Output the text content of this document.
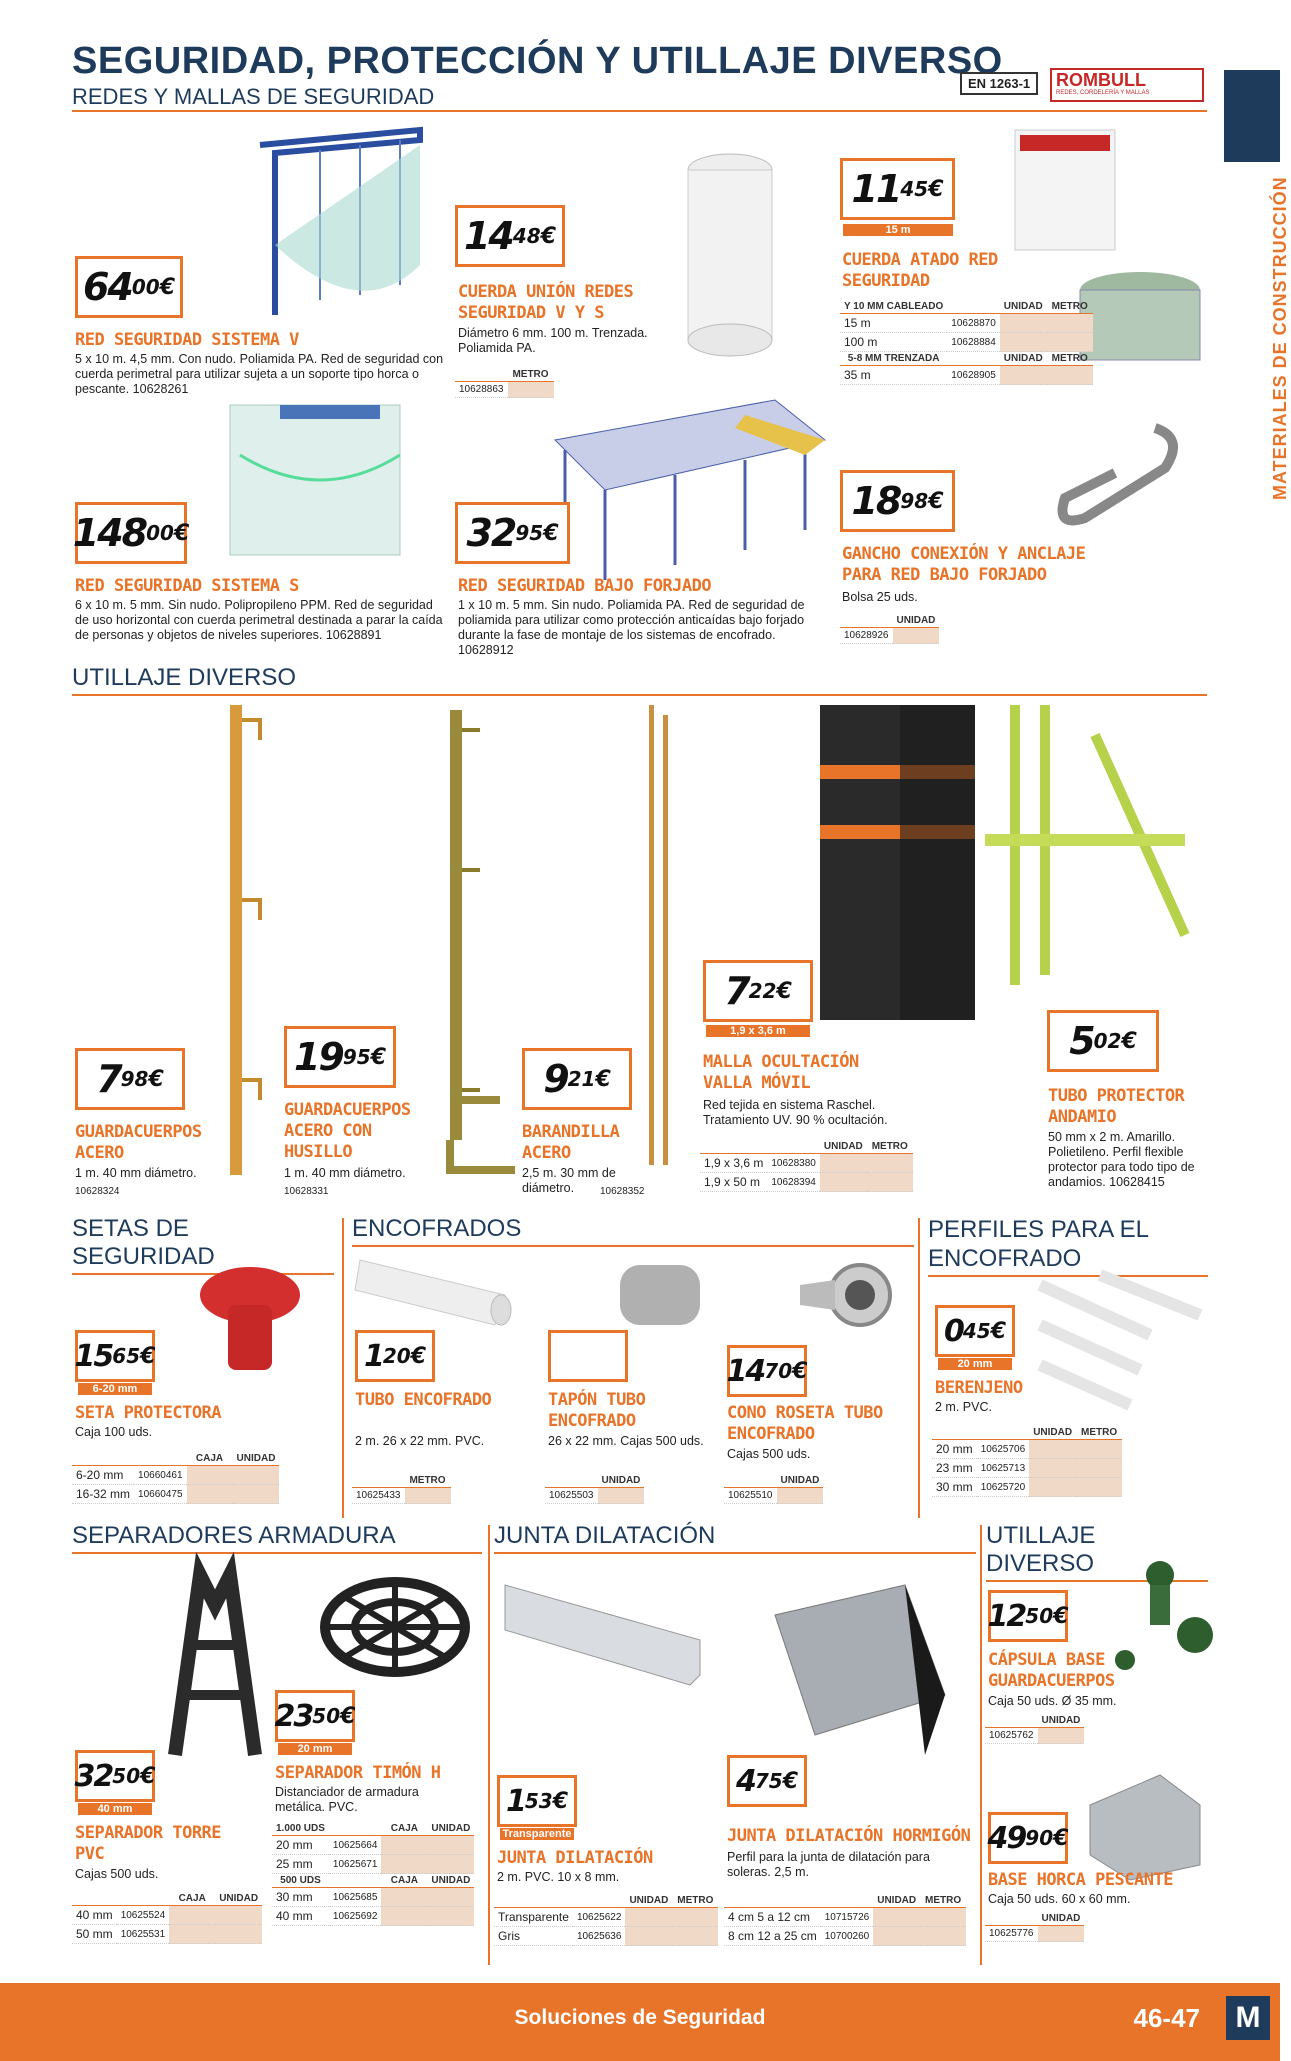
SEGURIDAD, PROTECCIÓN Y UTILLAJE DIVERSO
REDES Y MALLAS DE SEGURIDAD
EN 1263-1	ROMBULL
REDES, CORDELERÍA Y MALLAS
MATERIALES DE CONSTRUCCIÓN
64 00 €
RED SEGURIDAD SISTEMA V
5 x 10 m. 4,5 mm. Con nudo. Poliamida PA. Red de seguridad con cuerda perimetral para utilizar sujeta a un soporte tipo horca o pescante. 10628261
14 48 €
CUERDA UNIÓN REDES SEGURIDAD V Y S
Diámetro 6 mm. 100 m. Trenzada. Poliamida PA.
	METRO
10628863	
11 45 €
15 m
CUERDA ATADO RED SEGURIDAD
Y 10 MM CABLEADO		UNIDAD	METRO
15 m	10628870		
100 m	10628884		
5-8 MM TRENZADA		UNIDAD	METRO
35 m	10628905		
148 00 €
RED SEGURIDAD SISTEMA S
6 x 10 m. 5 mm. Sin nudo. Polipropileno PPM. Red de seguridad de uso horizontal con cuerda perimetral destinada a parar la caída de personas y objetos de niveles superiores. 10628891
32 95 €
RED SEGURIDAD BAJO FORJADO
1 x 10 m. 5 mm. Sin nudo. Poliamida PA. Red de seguridad de poliamida para utilizar como protección anticaídas bajo forjado durante la fase de montaje de los sistemas de encofrado. 10628912
18 98 €
GANCHO CONEXIÓN Y ANCLAJE PARA RED BAJO FORJADO
Bolsa 25 uds.
	UNIDAD
10628926	
UTILLAJE DIVERSO
7 98 €
GUARDACUERPOS ACERO
1 m. 40 mm diámetro.
10628324
19 95 €
GUARDACUERPOS ACERO CON HUSILLO
1 m. 40 mm diámetro.
10628331
9 21 €
BARANDILLA ACERO
2,5 m. 30 mm de diámetro.	10628352
7 22 €
1,9 x 3,6 m
MALLA OCULTACIÓN VALLA MÓVIL
Red tejida en sistema Raschel. Tratamiento UV. 90 % ocultación.
		UNIDAD	METRO
1,9 x 3,6 m	10628380		
1,9 x 50 m	10628394		
5 02 €
TUBO PROTECTOR ANDAMIO
50 mm x 2 m. Amarillo. Polietileno. Perfil flexible protector para todo tipo de andamios. 10628415
SETAS DE SEGURIDAD
ENCOFRADOS	PERFILES PARA EL ENCOFRADO
15 65 €
6-20 mm
SETA PROTECTORA
Caja 100 uds.
		CAJA	UNIDAD
6-20 mm	10660461		
16-32 mm	10660475		
1 20 €
TUBO ENCOFRADO
2 m. 26 x 22 mm. PVC.
	METRO
10625433	
TAPÓN TUBO ENCOFRADO
26 x 22 mm. Cajas 500 uds.
	UNIDAD
10625503	
14 70 €
CONO ROSETA TUBO ENCOFRADO
Cajas 500 uds.
	UNIDAD
10625510	
0 45 €
20 mm
BERENJENO
2 m. PVC.
		UNIDAD	METRO
20 mm	10625706		
23 mm	10625713		
30 mm	10625720		
SEPARADORES ARMADURA	JUNTA DILATACIÓN	UTILLAJE DIVERSO
32 50 €
40 mm
SEPARADOR TORRE PVC
Cajas 500 uds.
		CAJA	UNIDAD
40 mm	10625524		
50 mm	10625531		
23 50 €
20 mm
SEPARADOR TIMÓN H
Distanciador de armadura metálica. PVC.
1.000 UDS		CAJA	UNIDAD
20 mm	10625664		
25 mm	10625671		
500 UDS		CAJA	UNIDAD
30 mm	10625685		
40 mm	10625692		
1 53 €
Transparente
JUNTA DILATACIÓN
2 m. PVC. 10 x 8 mm.
		UNIDAD	METRO
Transparente	10625622		
Gris	10625636		
4 75 €
JUNTA DILATACIÓN HORMIGÓN
Perfil para la junta de dilatación para soleras. 2,5 m.
		UNIDAD	METRO
4 cm 5 a 12 cm	10715726		
8 cm 12 a 25 cm	10700260		
12 50 €
CÁPSULA BASE GUARDACUERPOS
Caja 50 uds. Ø 35 mm.
	UNIDAD
10625762	
49 90 €
BASE HORCA PESCANTE
Caja 50 uds. 60 x 60 mm.
	UNIDAD
10625776	
Soluciones de Seguridad	46-47	M
